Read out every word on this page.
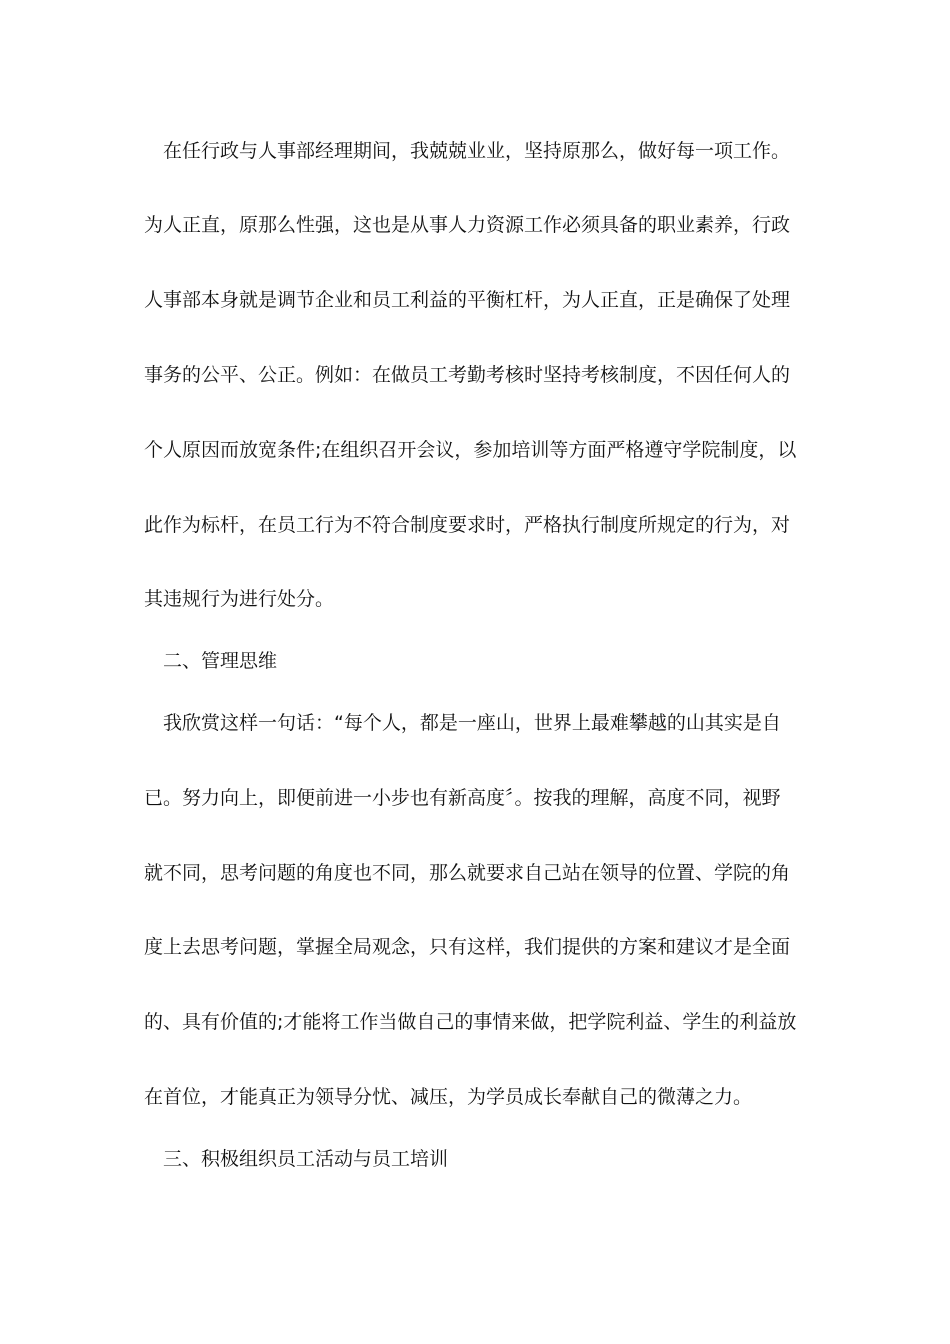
在任行政与人事部经理期间，我兢兢业业，坚持原那么，做好每一项工作。
为人正直，原那么性强，这也是从事人力资源工作必须具备的职业素养，行政
人事部本身就是调节企业和员工利益的平衡杠杆，为人正直，正是确保了处理
事务的公平、公正。例如：在做员工考勤考核时坚持考核制度，不因任何人的
个人原因而放宽条件;在组织召开会议，参加培训等方面严格遵守学院制度，以
此作为标杆，在员工行为不符合制度要求时，严格执行制度所规定的行为，对
其违规行为进行处分。
二、管理思维
我欣赏这样一句话：“每个人，都是一座山，世界上最难攀越的山其实是自
已。努力向上，即便前进一小步也有新高度〞。按我的理解，高度不同，视野
就不同，思考问题的角度也不同，那么就要求自己站在领导的位置、学院的角
度上去思考问题，掌握全局观念，只有这样，我们提供的方案和建议才是全面
的、具有价值的;才能将工作当做自己的事情来做，把学院利益、学生的利益放
在首位，才能真正为领导分忧、减压，为学员成长奉献自己的微薄之力。
三、积极组织员工活动与员工培训
